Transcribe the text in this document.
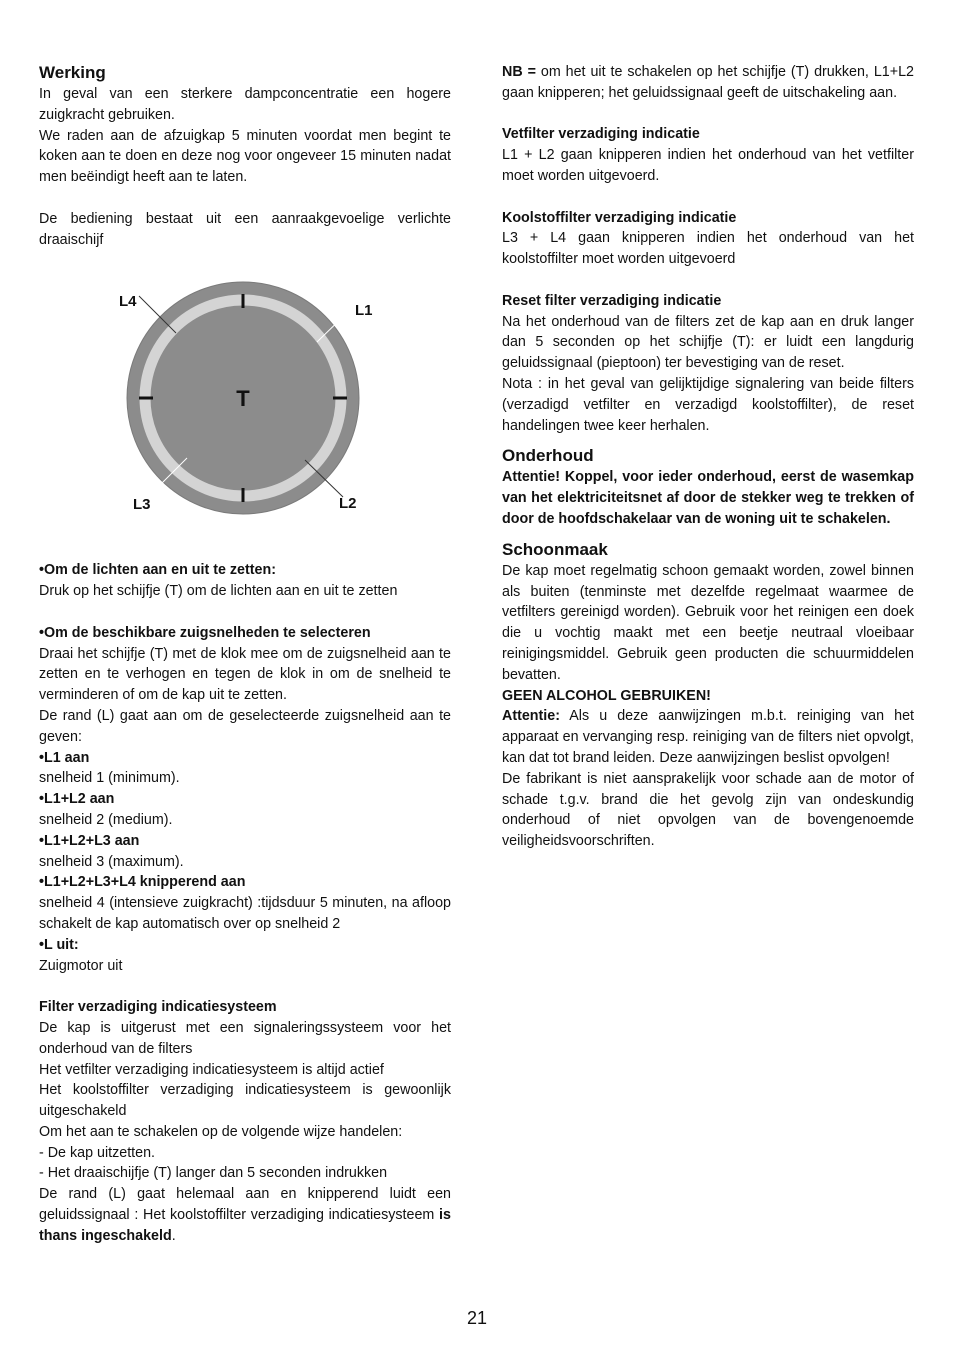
Werking

In geval van een sterkere dampconcentratie een hogere zuigkracht gebruiken.

We raden aan de afzuigkap 5 minuten voordat men begint te koken aan te doen en deze nog voor ongeveer 15 minuten nadat men beëindigt heeft aan te laten.

De bediening bestaat uit een aanraakgevoelige verlichte draaischijf

T
L4
L2
L1
L3

•Om de lichten aan en uit te zetten:

Druk op het schijfje (T) om de lichten aan en uit te zetten

•Om de beschikbare zuigsnelheden te selecteren

Draai het schijfje (T) met de klok mee om de zuigsnelheid aan te zetten en te verhogen en tegen de klok in om de snelheid te verminderen of om de kap uit te zetten.

De rand (L) gaat aan om de geselecteerde zuigsnelheid aan te geven:

•L1 aan

snelheid 1 (minimum).

•L1+L2 aan

snelheid 2 (medium).

•L1+L2+L3 aan

snelheid 3 (maximum).

•L1+L2+L3+L4 knipperend aan

snelheid 4 (intensieve zuigkracht) :tijdsduur 5 minuten, na afloop schakelt de kap automatisch over op snelheid 2

•L uit:

Zuigmotor uit

Filter verzadiging indicatiesysteem

De kap is uitgerust met een signaleringssysteem voor het onderhoud van de filters

Het vetfilter verzadiging indicatiesysteem is altijd actief

Het koolstoffilter verzadiging indicatiesysteem is gewoonlijk uitgeschakeld

Om het aan te schakelen op de volgende wijze handelen:

- De kap uitzetten.

- Het draaischijfje (T) langer dan 5 seconden indrukken

De rand (L) gaat helemaal aan en knipperend luidt een geluidssignaal : Het koolstoffilter verzadiging indicatiesysteem is thans ingeschakeld.

NB = om het uit te schakelen op het schijfje (T) drukken, L1+L2 gaan knipperen; het geluidssignaal geeft de uitschakeling aan.

Vetfilter verzadiging indicatie

L1 + L2 gaan knipperen indien het onderhoud van het vetfilter moet worden uitgevoerd.

Koolstoffilter verzadiging indicatie

L3 + L4 gaan knipperen indien het onderhoud van het koolstoffilter moet worden uitgevoerd

Reset filter verzadiging indicatie

Na het onderhoud van de filters zet de kap aan en druk langer dan 5 seconden op het schijfje (T): er luidt een langdurig geluidssignaal (pieptoon) ter bevestiging van de reset.

Nota : in het geval van gelijktijdige signalering van beide filters (verzadigd vetfilter en verzadigd koolstoffilter), de reset handelingen twee keer herhalen.

Onderhoud

Attentie! Koppel, voor ieder onderhoud, eerst de wasemkap van het elektriciteitsnet af door de stekker weg te trekken of door de hoofdschakelaar van de woning uit te schakelen.

Schoonmaak

De kap moet regelmatig schoon gemaakt worden, zowel binnen als buiten (tenminste met dezelfde regelmaat waarmee de vetfilters gereinigd worden). Gebruik voor het reinigen een doek die u vochtig maakt met een beetje neutraal vloeibaar reinigingsmiddel. Gebruik geen producten die schuurmiddelen bevatten.

GEEN ALCOHOL GEBRUIKEN!

Attentie: Als u deze aanwijzingen m.b.t. reiniging van het apparaat en vervanging resp. reiniging van de filters niet opvolgt, kan dat tot brand leiden. Deze aanwijzingen beslist opvolgen!

De fabrikant is niet aansprakelijk voor schade aan de motor of schade t.g.v. brand die het gevolg zijn van ondeskundig onderhoud of niet opvolgen van de bovengenoemde veiligheidsvoorschriften.

21
